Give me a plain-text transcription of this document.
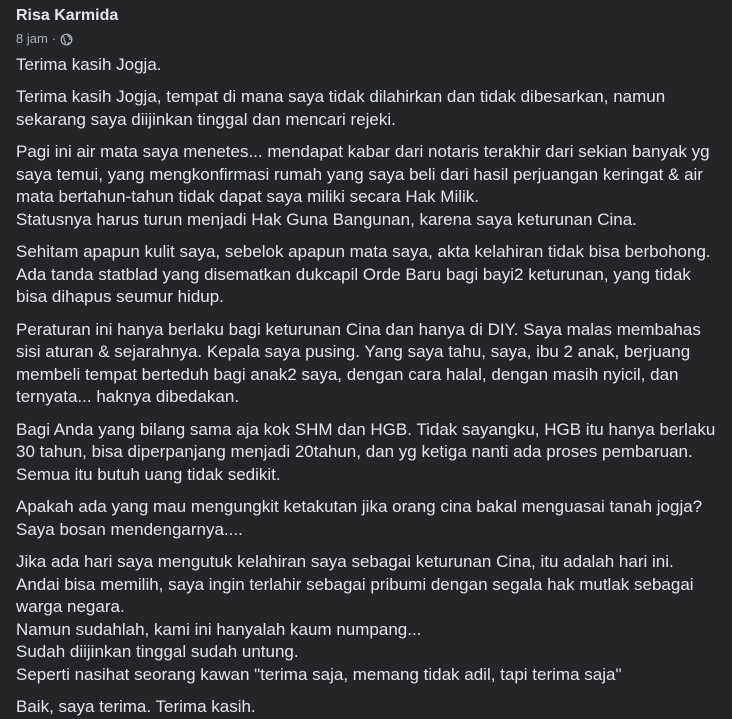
Risa Karmida
8 jam ·

Terima kasih Jogja.

Terima kasih Jogja, tempat di mana saya tidak dilahirkan dan tidak dibesarkan, namun sekarang saya diijinkan tinggal dan mencari rejeki.

Pagi ini air mata saya menetes... mendapat kabar dari notaris terakhir dari sekian banyak yg saya temui, yang mengkonfirmasi rumah yang saya beli dari hasil perjuangan keringat & air mata bertahun-tahun tidak dapat saya miliki secara Hak Milik.
Statusnya harus turun menjadi Hak Guna Bangunan, karena saya keturunan Cina.

Sehitam apapun kulit saya, sebelok apapun mata saya, akta kelahiran tidak bisa berbohong. Ada tanda statblad yang disematkan dukcapil Orde Baru bagi bayi2 keturunan, yang tidak bisa dihapus seumur hidup.

Peraturan ini hanya berlaku bagi keturunan Cina dan hanya di DIY. Saya malas membahas sisi aturan & sejarahnya. Kepala saya pusing. Yang saya tahu, saya, ibu 2 anak, berjuang membeli tempat berteduh bagi anak2 saya, dengan cara halal, dengan masih nyicil, dan ternyata... haknya dibedakan.

Bagi Anda yang bilang sama aja kok SHM dan HGB. Tidak sayangku, HGB itu hanya berlaku 30 tahun, bisa diperpanjang menjadi 20tahun, dan yg ketiga nanti ada proses pembaruan. Semua itu butuh uang tidak sedikit.

Apakah ada yang mau mengungkit ketakutan jika orang cina bakal menguasai tanah jogja?
Saya bosan mendengarnya....

Jika ada hari saya mengutuk kelahiran saya sebagai keturunan Cina, itu adalah hari ini. Andai bisa memilih, saya ingin terlahir sebagai pribumi dengan segala hak mutlak sebagai warga negara.
Namun sudahlah, kami ini hanyalah kaum numpang...
Sudah diijinkan tinggal sudah untung.
Seperti nasihat seorang kawan "terima saja, memang tidak adil, tapi terima saja"

Baik, saya terima. Terima kasih.
